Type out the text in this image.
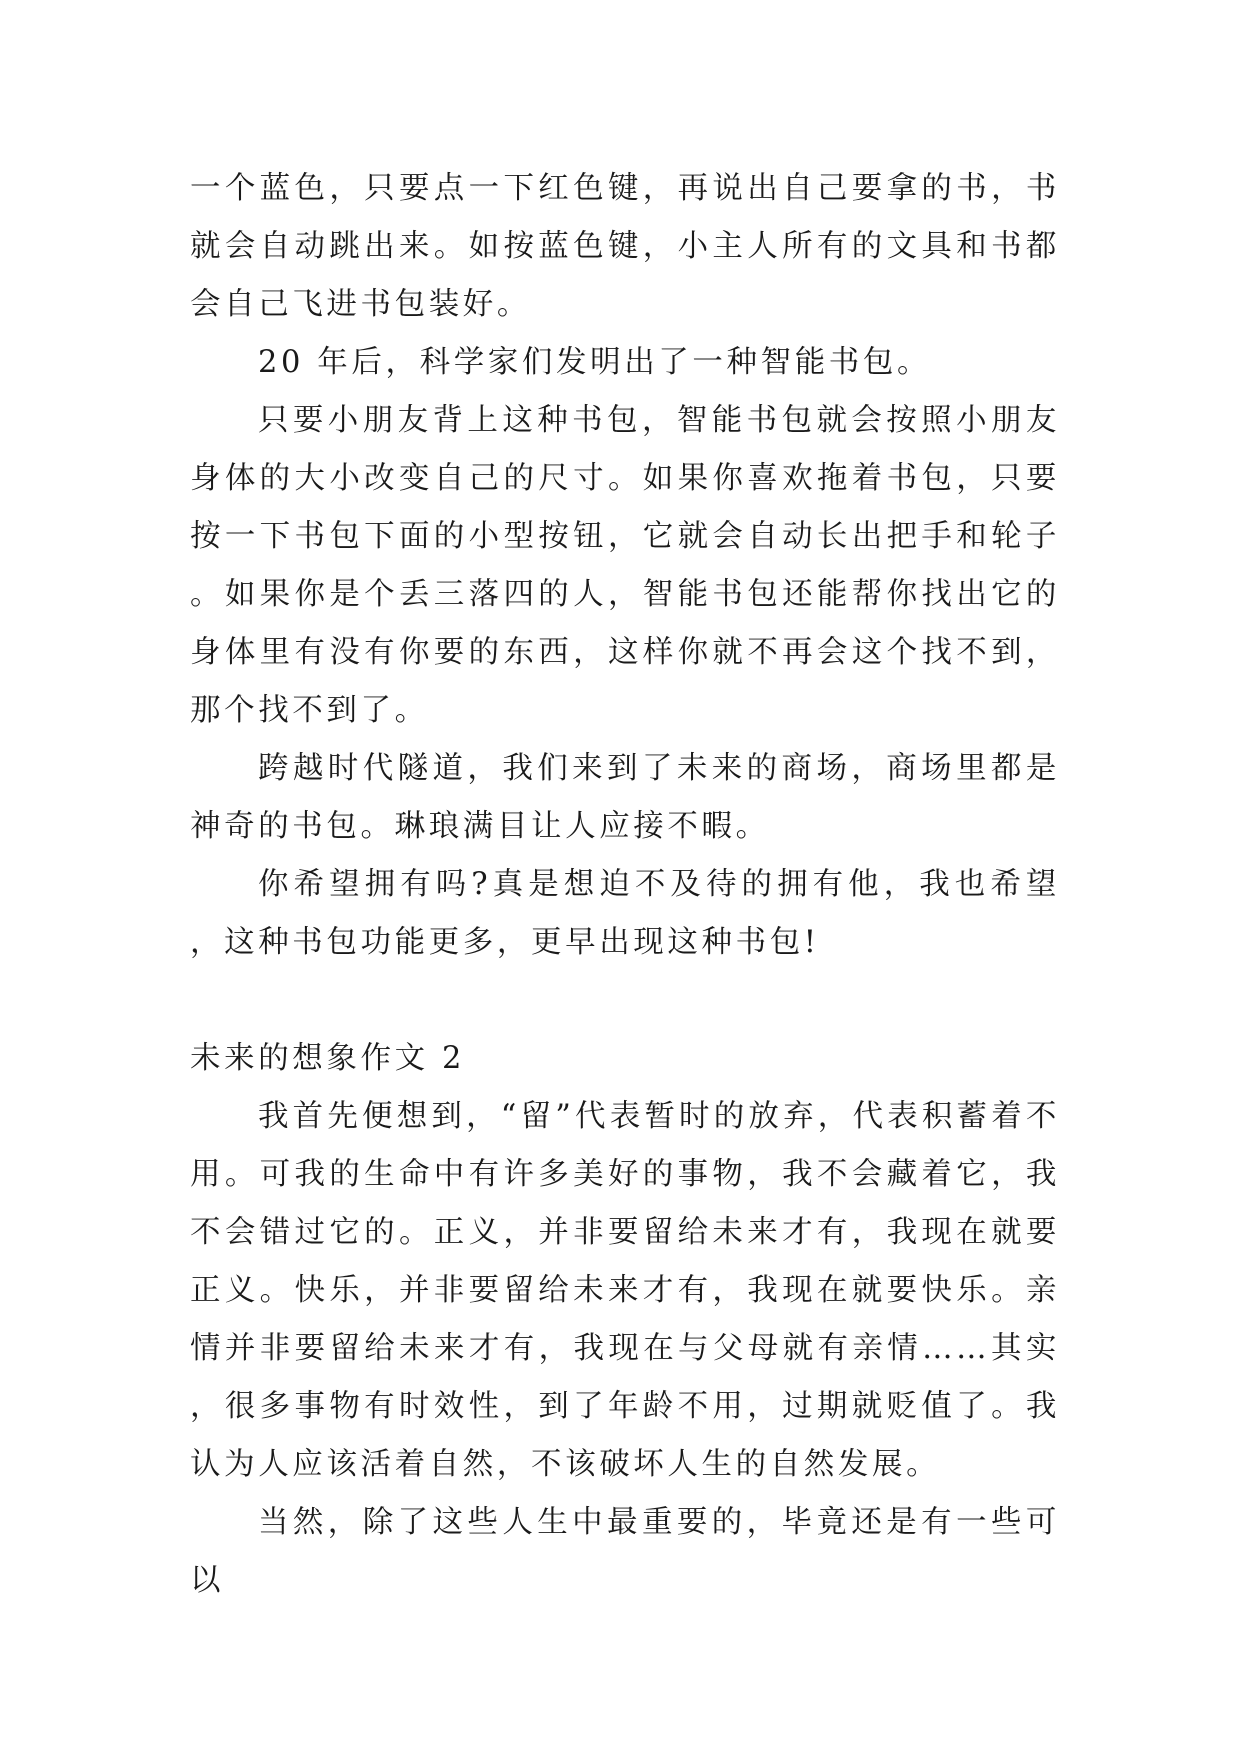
一个蓝色，只要点一下红色键，再说出自己要拿的书，书就会自动跳出来。如按蓝色键，小主人所有的文具和书都会自己飞进书包装好。

20 年后，科学家们发明出了一种智能书包。

只要小朋友背上这种书包，智能书包就会按照小朋友身体的大小改变自己的尺寸。如果你喜欢拖着书包，只要按一下书包下面的小型按钮，它就会自动长出把手和轮子。如果你是个丢三落四的人，智能书包还能帮你找出它的身体里有没有你要的东西，这样你就不再会这个找不到，那个找不到了。

跨越时代隧道，我们来到了未来的商场，商场里都是神奇的书包。琳琅满目让人应接不暇。

你希望拥有吗?真是想迫不及待的拥有他，我也希望，这种书包功能更多，更早出现这种书包!

未来的想象作文 2

我首先便想到，“留”代表暂时的放弃，代表积蓄着不用。可我的生命中有许多美好的事物，我不会藏着它，我不会错过它的。正义，并非要留给未来才有，我现在就要正义。快乐，并非要留给未来才有，我现在就要快乐。亲情并非要留给未来才有，我现在与父母就有亲情……其实，很多事物有时效性，到了年龄不用，过期就贬值了。我认为人应该活着自然，不该破坏人生的自然发展。

当然，除了这些人生中最重要的，毕竟还是有一些可以
